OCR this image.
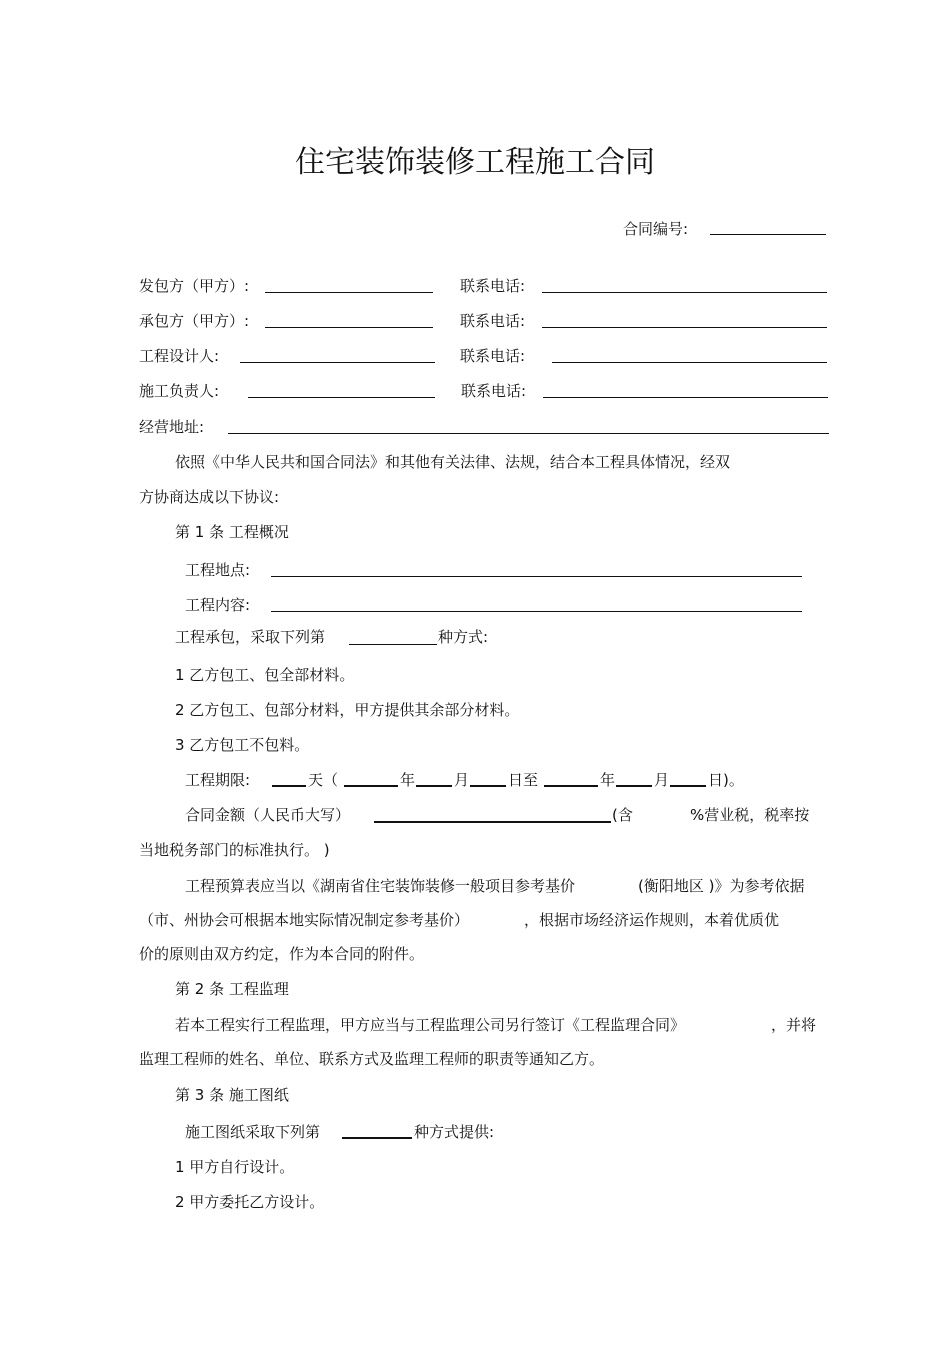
住宅装饰装修工程施工合同
合同编号:
发包方（甲方）:	联系电话:
承包方（甲方）:	联系电话:
工程设计人:	联系电话:
施工负责人:	联系电话:
经营地址:
依照《中华人民共和国合同法》和其他有关法律、法规，结合本工程具体情况，经双
方协商达成以下协议:
第 1 条 工程概况
工程地点:
工程内容:
工程承包，采取下列第	种方式:
1 乙方包工、包全部材料。
2 乙方包工、包部分材料，甲方提供其余部分材料。
3 乙方包工不包料。
工程期限:	天（	年	月	日至	年	月	日)。
合同金额（人民币大写）	(含	%营业税，税率按
当地税务部门的标准执行。 )
工程预算表应当以《湖南省住宅装饰装修一般项目参考基价	(衡阳地区 )》为参考依据
（市、州协会可根据本地实际情况制定参考基价）	，根据市场经济运作规则，本着优质优
价的原则由双方约定，作为本合同的附件。
第 2 条 工程监理
若本工程实行工程监理，甲方应当与工程监理公司另行签订《工程监理合同》	，并将
监理工程师的姓名、单位、联系方式及监理工程师的职责等通知乙方。
第 3 条 施工图纸
施工图纸采取下列第	种方式提供:
1 甲方自行设计。
2 甲方委托乙方设计。
